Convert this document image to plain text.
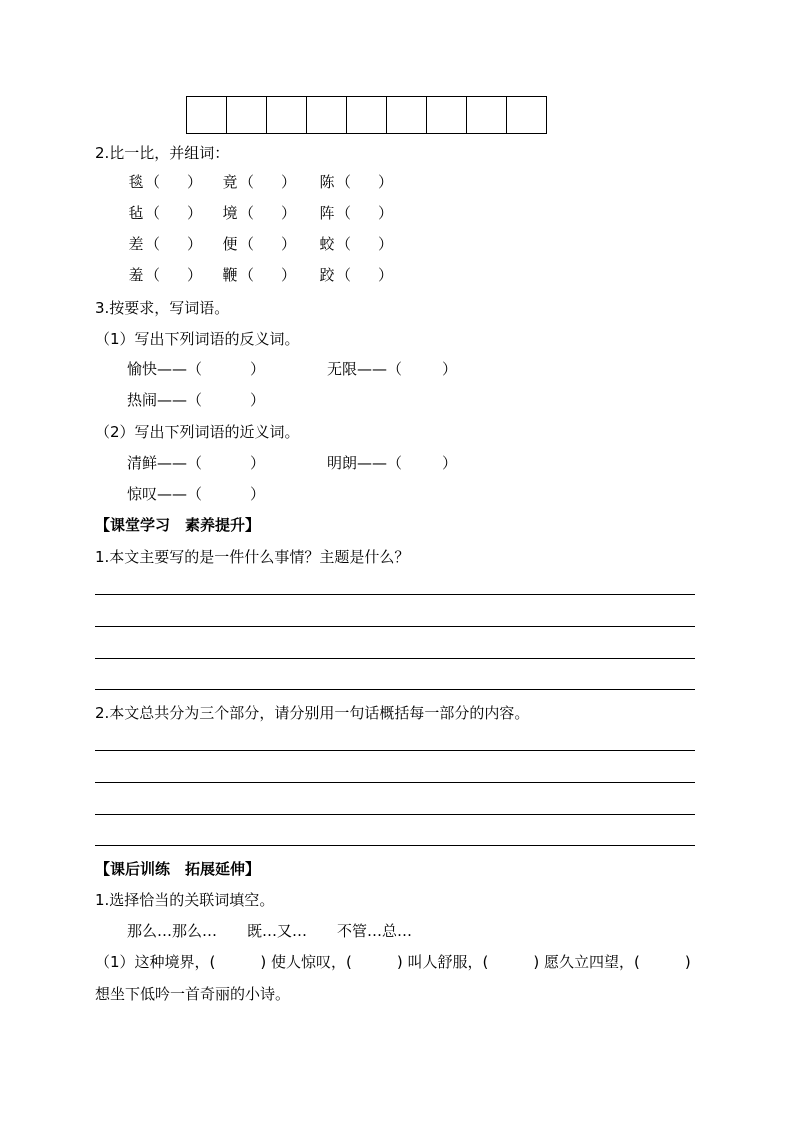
2.比一比，并组词：
毯 （ ） 竟 （ ） 陈 （ ）
毡 （ ） 境 （ ） 阵 （ ）
差 （ ） 便 （ ） 蛟 （ ）
羞 （ ） 鞭 （ ） 跤 （ ）
3.按要求，写词语。
（1）写出下列词语的反义词。
愉快——（	）	无限——（	）
热闹——（	）
（2）写出下列词语的近义词。
清鲜——（	）	明朗——（	）
惊叹——（	）
【课堂学习　素养提升】
1.本文主要写的是一件什么事情？主题是什么？
2.本文总共分为三个部分，请分别用一句话概括每一部分的内容。
【课后训练　拓展延伸】
1.选择恰当的关联词填空。
那么…那么…　　既…又…　　不管…总…
（1）这种境界，(　　　) 使人惊叹，(　　　) 叫人舒服，(　　　) 愿久立四望，(　　　)
想坐下低吟一首奇丽的小诗。
